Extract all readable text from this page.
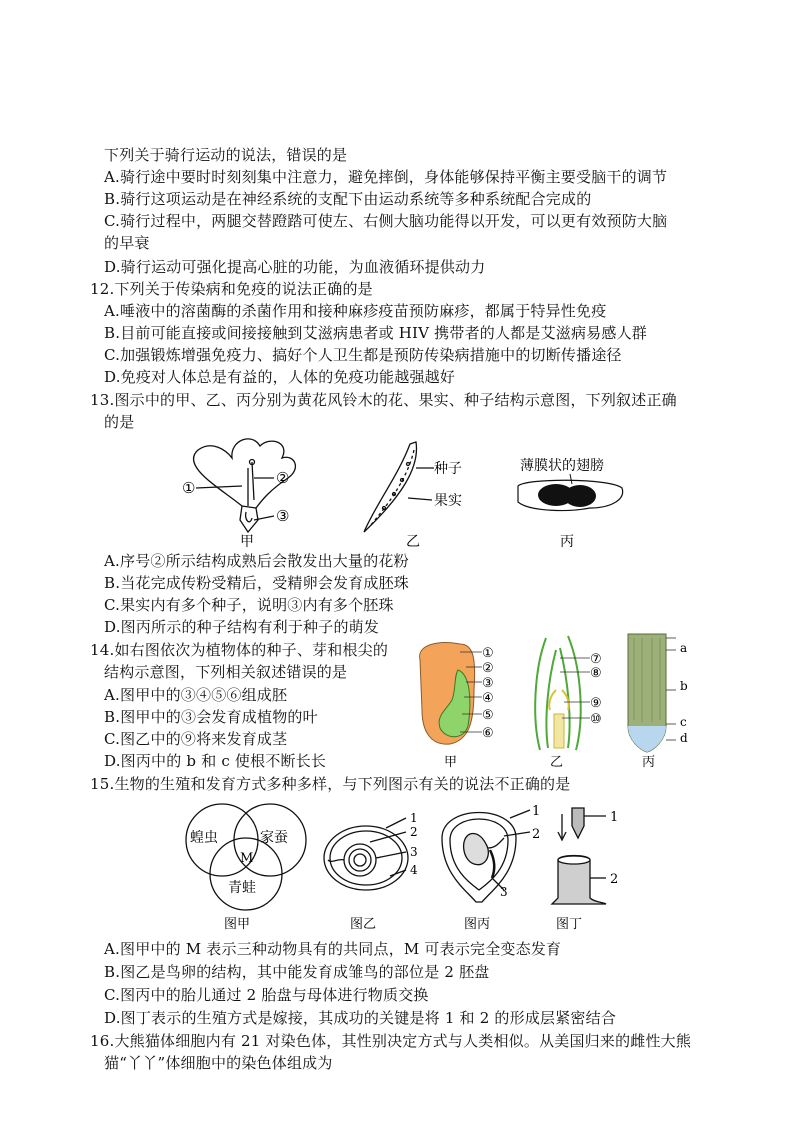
下列关于骑行运动的说法，错误的是
A.骑行途中要时时刻刻集中注意力，避免摔倒，身体能够保持平衡主要受脑干的调节
B.骑行这项运动是在神经系统的支配下由运动系统等多种系统配合完成的
C.骑行过程中，两腿交替蹬踏可使左、右侧大脑功能得以开发，可以更有效预防大脑
的早衰
D.骑行运动可强化提高心脏的功能，为血液循环提供动力
12.下列关于传染病和免疫的说法正确的是
A.唾液中的溶菌酶的杀菌作用和接种麻疹疫苗预防麻疹，都属于特异性免疫
B.目前可能直接或间接接触到艾滋病患者或 HIV 携带者的人都是艾滋病易感人群
C.加强锻炼增强免疫力、搞好个人卫生都是预防传染病措施中的切断传播途径
D.免疫对人体总是有益的，人体的免疫功能越强越好
13.图示中的甲、乙、丙分别为黄花风铃木的花、果实、种子结构示意图，下列叙述正确
的是
①
②
③
甲
种子
果实
乙
薄膜状的翅膀
丙
A.序号②所示结构成熟后会散发出大量的花粉
B.当花完成传粉受精后，受精卵会发育成胚珠
C.果实内有多个种子，说明③内有多个胚珠
D.图丙所示的种子结构有利于种子的萌发
14.如右图依次为植物体的种子、芽和根尖的
结构示意图，下列相关叙述错误的是
A.图甲中的③④⑤⑥组成胚
B.图甲中的③会发育成植物的叶
C.图乙中的⑨将来发育成茎
D.图丙中的 b 和 c 使根不断长长
①
②
③
④
⑤
⑥
甲
⑦
⑧
⑨
⑩
乙
a
b
c
d
丙
15.生物的生殖和发育方式多种多样，与下列图示有关的说法不正确的是
蝗虫	家蚕
M
青蛙
图甲
1
2
3
4
图乙
1
2
3
图丙
1
2
图丁
A.图甲中的 M 表示三种动物具有的共同点，M 可表示完全变态发育
B.图乙是鸟卵的结构，其中能发育成雏鸟的部位是 2 胚盘
C.图丙中的胎儿通过 2 胎盘与母体进行物质交换
D.图丁表示的生殖方式是嫁接，其成功的关键是将 1 和 2 的形成层紧密结合
16.大熊猫体细胞内有 21 对染色体，其性别决定方式与人类相似。从美国归来的雌性大熊
猫“丫丫”体细胞中的染色体组成为
